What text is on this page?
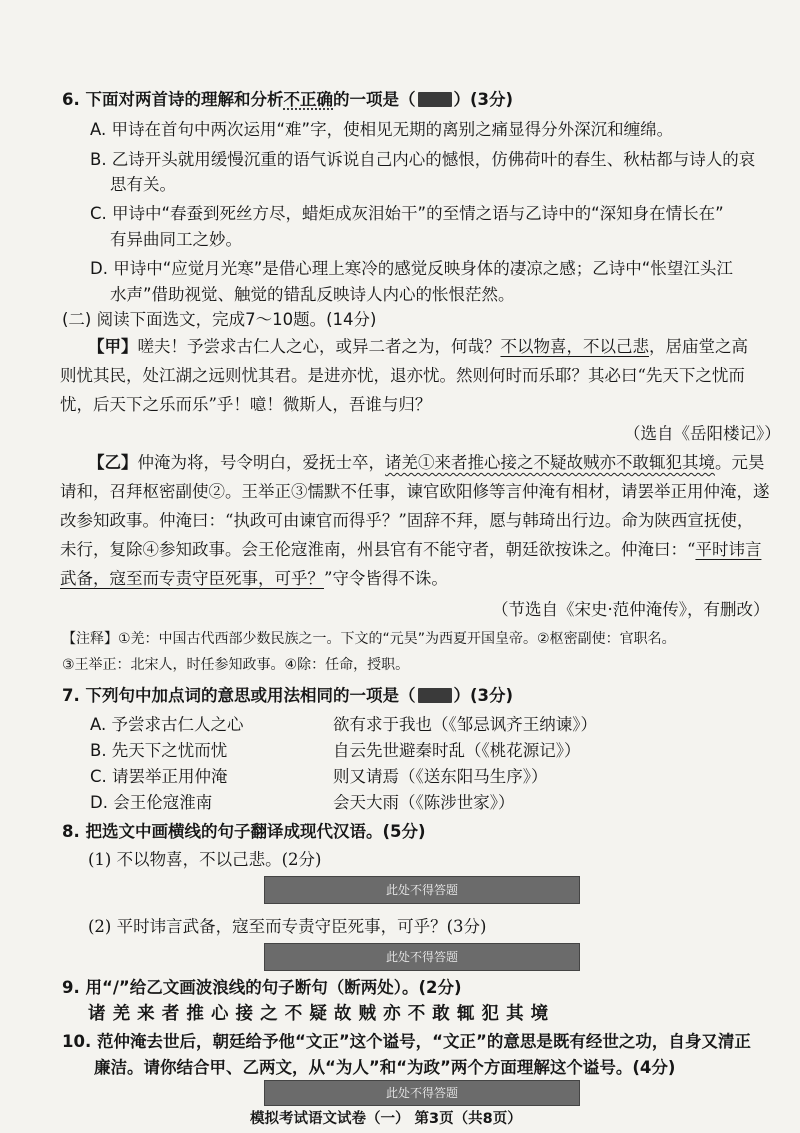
6. 下面对两首诗的理解和分析不正确的一项是（ ）(3分)
A. 甲诗在首句中两次运用“难”字，使相见无期的离别之痛显得分外深沉和缠绵。
B. 乙诗开头就用缓慢沉重的语气诉说自己内心的憾恨，仿佛荷叶的春生、秋枯都与诗人的哀
思有关。
C. 甲诗中“春蚕到死丝方尽，蜡炬成灰泪始干”的至情之语与乙诗中的“深知身在情长在”
有异曲同工之妙。
D. 甲诗中“应觉月光寒”是借心理上寒冷的感觉反映身体的凄凉之感；乙诗中“怅望江头江
水声”借助视觉、触觉的错乱反映诗人内心的怅恨茫然。
(二) 阅读下面选文，完成7～10题。(14分)
【甲】嗟夫！予尝求古仁人之心，或异二者之为，何哉？不以物喜，不以己悲，居庙堂之高
则忧其民，处江湖之远则忧其君。是进亦忧，退亦忧。然则何时而乐耶？其必曰“先天下之忧而
忧，后天下之乐而乐”乎！噫！微斯人，吾谁与归？
（选自《岳阳楼记》）
【乙】仲淹为将，号令明白，爱抚士卒，诸羌①来者推心接之不疑故贼亦不敢辄犯其境。元昊
请和，召拜枢密副使②。王举正③懦默不任事，谏官欧阳修等言仲淹有相材，请罢举正用仲淹，遂
改参知政事。仲淹曰：“执政可由谏官而得乎？”固辞不拜，愿与韩琦出行边。命为陕西宣抚使，
未行，复除④参知政事。会王伦寇淮南，州县官有不能守者，朝廷欲按诛之。仲淹曰：“平时讳言
武备，寇至而专责守臣死事，可乎？”守令皆得不诛。
（节选自《宋史·范仲淹传》，有删改）
【注释】①羌：中国古代西部少数民族之一。下文的“元昊”为西夏开国皇帝。②枢密副使：官职名。
③王举正：北宋人，时任参知政事。④除：任命，授职。
7. 下列句中加点词的意思或用法相同的一项是（ ）(3分)
A. 予尝求古仁人之心	欲有求于我也（《邹忌讽齐王纳谏》）
B. 先天下之忧而忧	自云先世避秦时乱（《桃花源记》）
C. 请罢举正用仲淹	则又请焉（《送东阳马生序》）
D. 会王伦寇淮南	会天大雨（《陈涉世家》）
8. 把选文中画横线的句子翻译成现代汉语。(5分)
(1) 不以物喜，不以己悲。(2分)
此处不得答题
(2) 平时讳言武备，寇至而专责守臣死事，可乎？(3分)
此处不得答题
9. 用“/”给乙文画波浪线的句子断句（断两处）。(2分)
诸 羌 来 者 推 心 接 之 不 疑 故 贼 亦 不 敢 辄 犯 其 境
10. 范仲淹去世后，朝廷给予他“文正”这个谥号，“文正”的意思是既有经世之功，自身又清正
廉洁。请你结合甲、乙两文，从“为人”和“为政”两个方面理解这个谥号。(4分)
此处不得答题
模拟考试语文试卷（一） 第3页（共8页）
